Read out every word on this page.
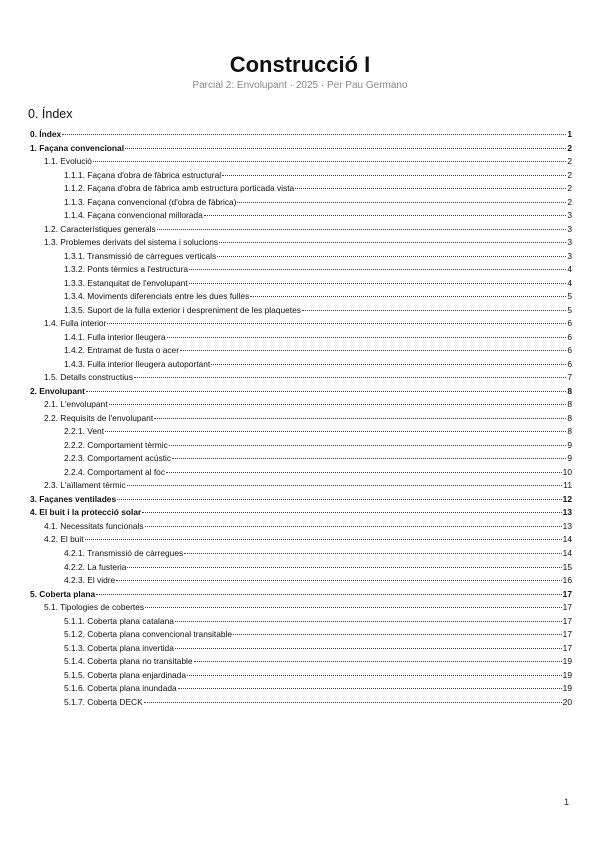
Construcció I
Parcial 2: Envolupant · 2025 · Per Pau Germano
0. Índex
0. Índex	1
1. Façana convencional	2
1.1. Evolució	2
1.1.1. Façana d'obra de fàbrica estructural	2
1.1.2. Façana d'obra de fàbrica amb estructura porticada vista	2
1.1.3. Façana convencional (d'obra de fàbrica)	2
1.1.4. Façana convencional millorada	3
1.2. Característiques generals	3
1.3. Problemes derivats del sistema i solucions	3
1.3.1. Transmissió de càrregues verticals	3
1.3.2. Ponts tèrmics a l'estructura	4
1.3.3. Estanquitat de l'envolupant	4
1.3.4. Moviments diferencials entre les dues fulles	5
1.3.5. Suport de la fulla exterior i despreniment de les plaquetes	5
1.4. Fulla interior	6
1.4.1. Fulla interior lleugera	6
1.4.2. Entramat de fusta o acer	6
1.4.3. Fulla interior lleugera autoportant	6
1.5. Detalls constructius	7
2. Envolupant	8
2.1. L'envolupant	8
2.2. Requisits de l'envolupant	8
2.2.1. Vent	8
2.2.2. Comportament tèrmic	9
2.2.3. Comportament acústic	9
2.2.4. Comportament al foc	10
2.3. L'aïllament tèrmic	11
3. Façanes ventilades	12
4. El buit i la protecció solar	13
4.1. Necessitats funcionals	13
4.2. El buit	14
4.2.1. Transmissió de càrregues	14
4.2.2. La fusteria	15
4.2.3. El vidre	16
5. Coberta plana	17
5.1. Tipologies de cobertes	17
5.1.1. Coberta plana catalana	17
5.1.2. Coberta plana convencional transitable	17
5.1.3. Coberta plana invertida	17
5.1.4. Coberta plana no transitable	19
5.1.5. Coberta plana enjardinada	19
5.1.6. Coberta plana inundada	19
5.1.7. Coberta DECK	20
1
